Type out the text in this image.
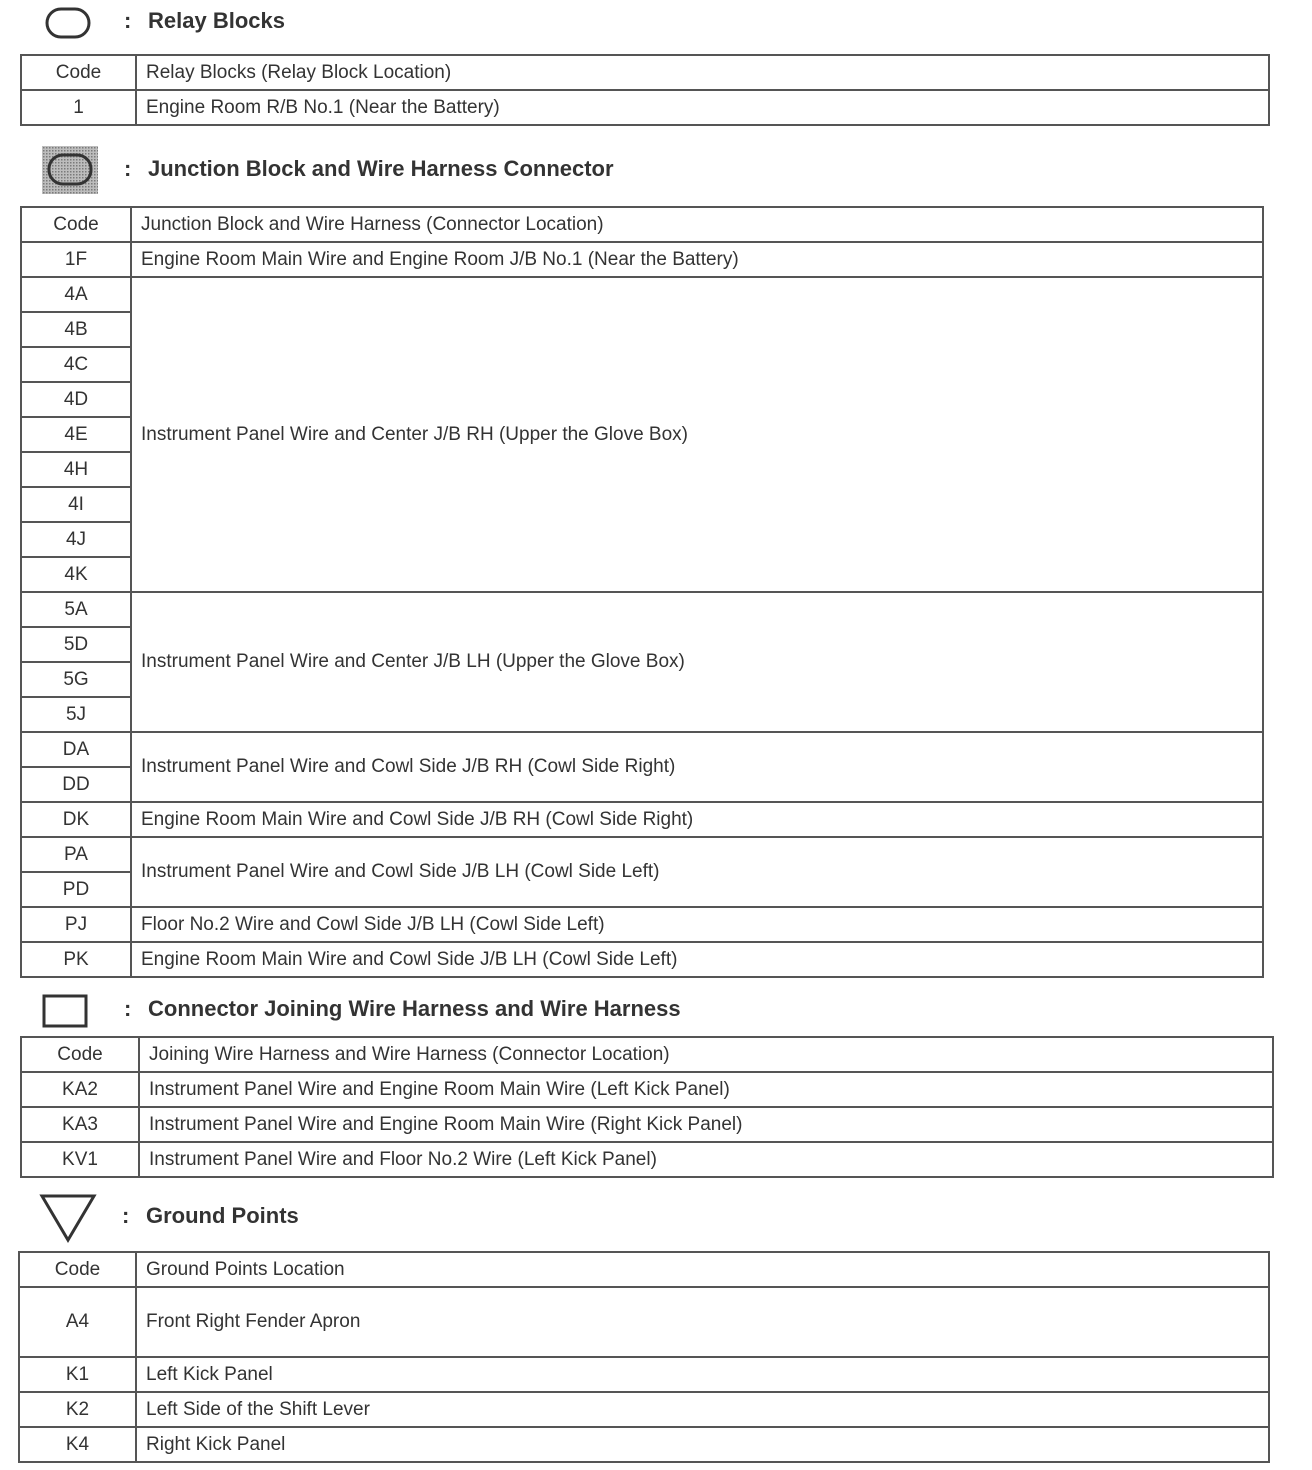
: Relay Blocks
Code	Relay Blocks (Relay Block Location)
1	Engine Room R/B No.1 (Near the Battery)
: Junction Block and Wire Harness Connector
Code	Junction Block and Wire Harness (Connector Location)
1F	Engine Room Main Wire and Engine Room J/B No.1 (Near the Battery)
4A	Instrument Panel Wire and Center J/B RH (Upper the Glove Box)
4B	
4C	
4D	
4E	
4H	
4I	
4J	
4K	
5A	Instrument Panel Wire and Center J/B LH (Upper the Glove Box)
5D	
5G	
5J	
DA	Instrument Panel Wire and Cowl Side J/B RH (Cowl Side Right)
DD	
DK	Engine Room Main Wire and Cowl Side J/B RH (Cowl Side Right)
PA	Instrument Panel Wire and Cowl Side J/B LH (Cowl Side Left)
PD	
PJ	Floor No.2 Wire and Cowl Side J/B LH (Cowl Side Left)
PK	Engine Room Main Wire and Cowl Side J/B LH (Cowl Side Left)
: Connector Joining Wire Harness and Wire Harness
Code	Joining Wire Harness and Wire Harness (Connector Location)
KA2	Instrument Panel Wire and Engine Room Main Wire (Left Kick Panel)
KA3	Instrument Panel Wire and Engine Room Main Wire (Right Kick Panel)
KV1	Instrument Panel Wire and Floor No.2 Wire (Left Kick Panel)
: Ground Points
Code	Ground Points Location
A4	Front Right Fender Apron
K1	Left Kick Panel
K2	Left Side of the Shift Lever
K4	Right Kick Panel
